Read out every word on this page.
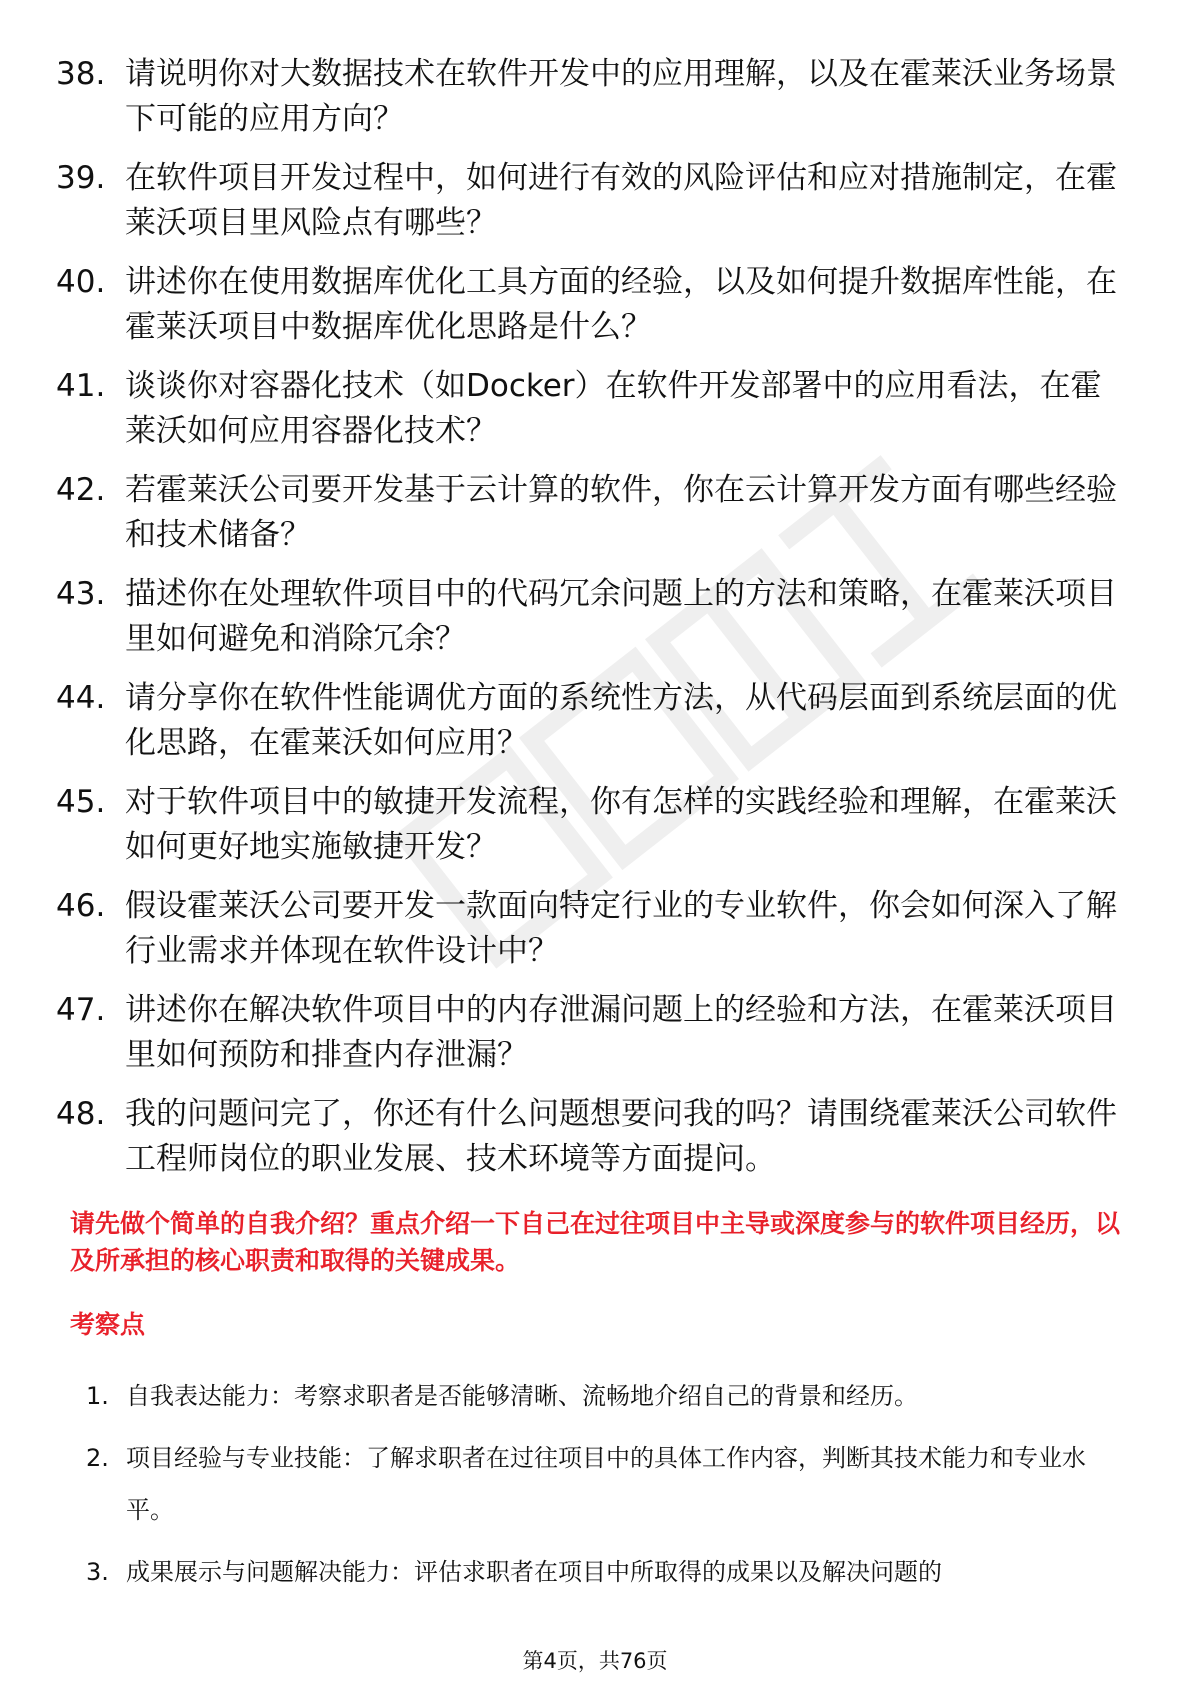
38. 请说明你对大数据技术在软件开发中的应用理解，以及在霍莱沃业务场景下可能的应用方向？
39. 在软件项目开发过程中，如何进行有效的风险评估和应对措施制定，在霍莱沃项目里风险点有哪些？
40. 讲述你在使用数据库优化工具方面的经验，以及如何提升数据库性能，在霍莱沃项目中数据库优化思路是什么？
41. 谈谈你对容器化技术（如Docker）在软件开发部署中的应用看法，在霍莱沃如何应用容器化技术？
42. 若霍莱沃公司要开发基于云计算的软件，你在云计算开发方面有哪些经验和技术储备？
43. 描述你在处理软件项目中的代码冗余问题上的方法和策略，在霍莱沃项目里如何避免和消除冗余？
44. 请分享你在软件性能调优方面的系统性方法，从代码层面到系统层面的优化思路，在霍莱沃如何应用？
45. 对于软件项目中的敏捷开发流程，你有怎样的实践经验和理解，在霍莱沃如何更好地实施敏捷开发？
46. 假设霍莱沃公司要开发一款面向特定行业的专业软件，你会如何深入了解行业需求并体现在软件设计中？
47. 讲述你在解决软件项目中的内存泄漏问题上的经验和方法，在霍莱沃项目里如何预防和排查内存泄漏？
48. 我的问题问完了，你还有什么问题想要问我的吗？请围绕霍莱沃公司软件工程师岗位的职业发展、技术环境等方面提问。
请先做个简单的自我介绍？重点介绍一下自己在过往项目中主导或深度参与的软件项目经历，以及所承担的核心职责和取得的关键成果。
考察点
1. 自我表达能力：考察求职者是否能够清晰、流畅地介绍自己的背景和经历。
2. 项目经验与专业技能：了解求职者在过往项目中的具体工作内容，判断其技术能力和专业水平。
3. 成果展示与问题解决能力：评估求职者在项目中所取得的成果以及解决问题的
第4页，共76页
